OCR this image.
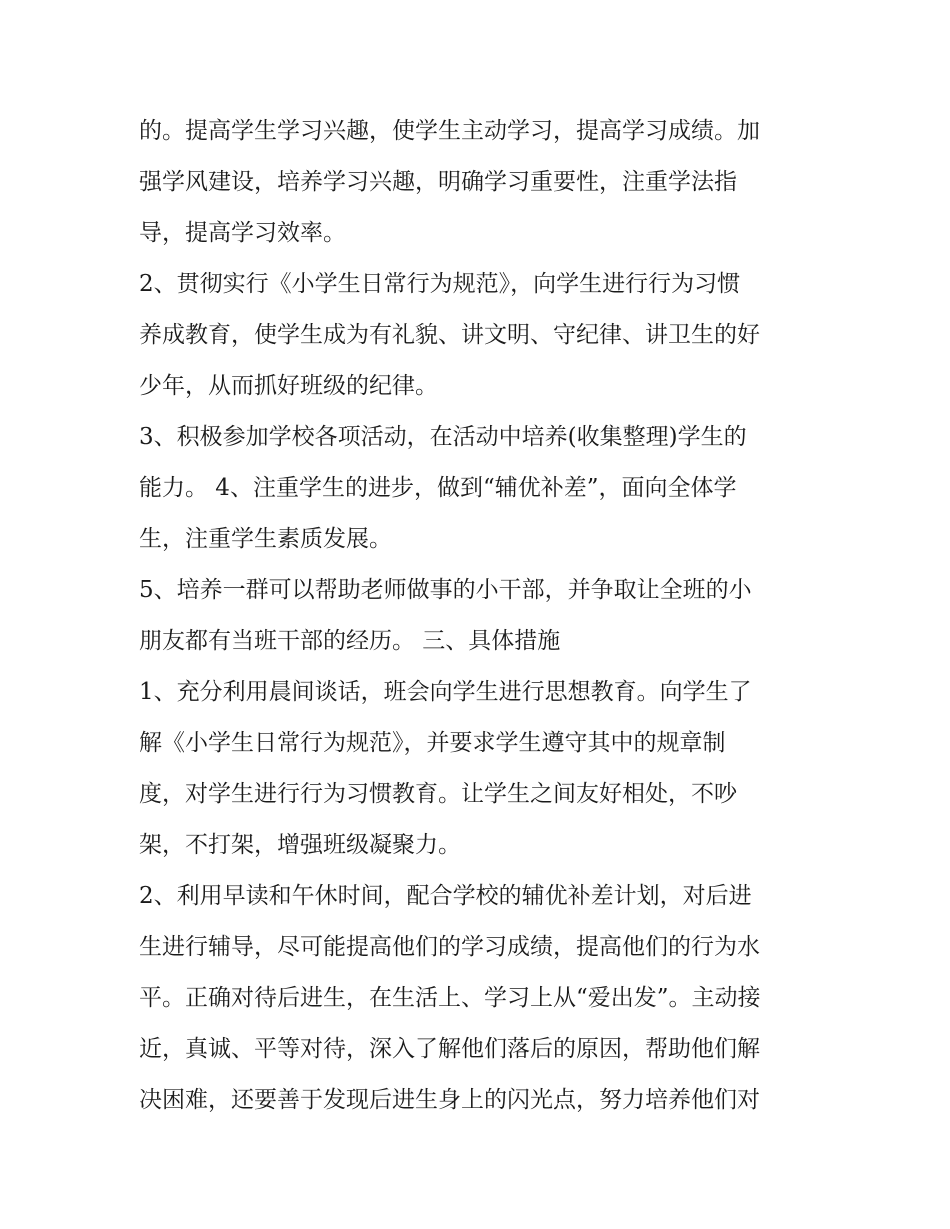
的。提高学生学习兴趣，使学生主动学习，提高学习成绩。加
强学风建设，培养学习兴趣，明确学习重要性，注重学法指
导，提高学习效率。
2、贯彻实行《小学生日常行为规范》，向学生进行行为习惯
养成教育，使学生成为有礼貌、讲文明、守纪律、讲卫生的好
少年，从而抓好班级的纪律。
3、积极参加学校各项活动，在活动中培养(收集整理)学生的
能力。 4、注重学生的进步，做到“辅优补差”，面向全体学
生，注重学生素质发展。
5、培养一群可以帮助老师做事的小干部，并争取让全班的小
朋友都有当班干部的经历。 三、具体措施
1、充分利用晨间谈话，班会向学生进行思想教育。向学生了
解《小学生日常行为规范》，并要求学生遵守其中的规章制
度，对学生进行行为习惯教育。让学生之间友好相处，不吵
架，不打架，增强班级凝聚力。
2、利用早读和午休时间，配合学校的辅优补差计划，对后进
生进行辅导，尽可能提高他们的学习成绩，提高他们的行为水
平。正确对待后进生，在生活上、学习上从“爱出发”。主动接
近，真诚、平等对待，深入了解他们落后的原因，帮助他们解
决困难，还要善于发现后进生身上的闪光点，努力培养他们对
